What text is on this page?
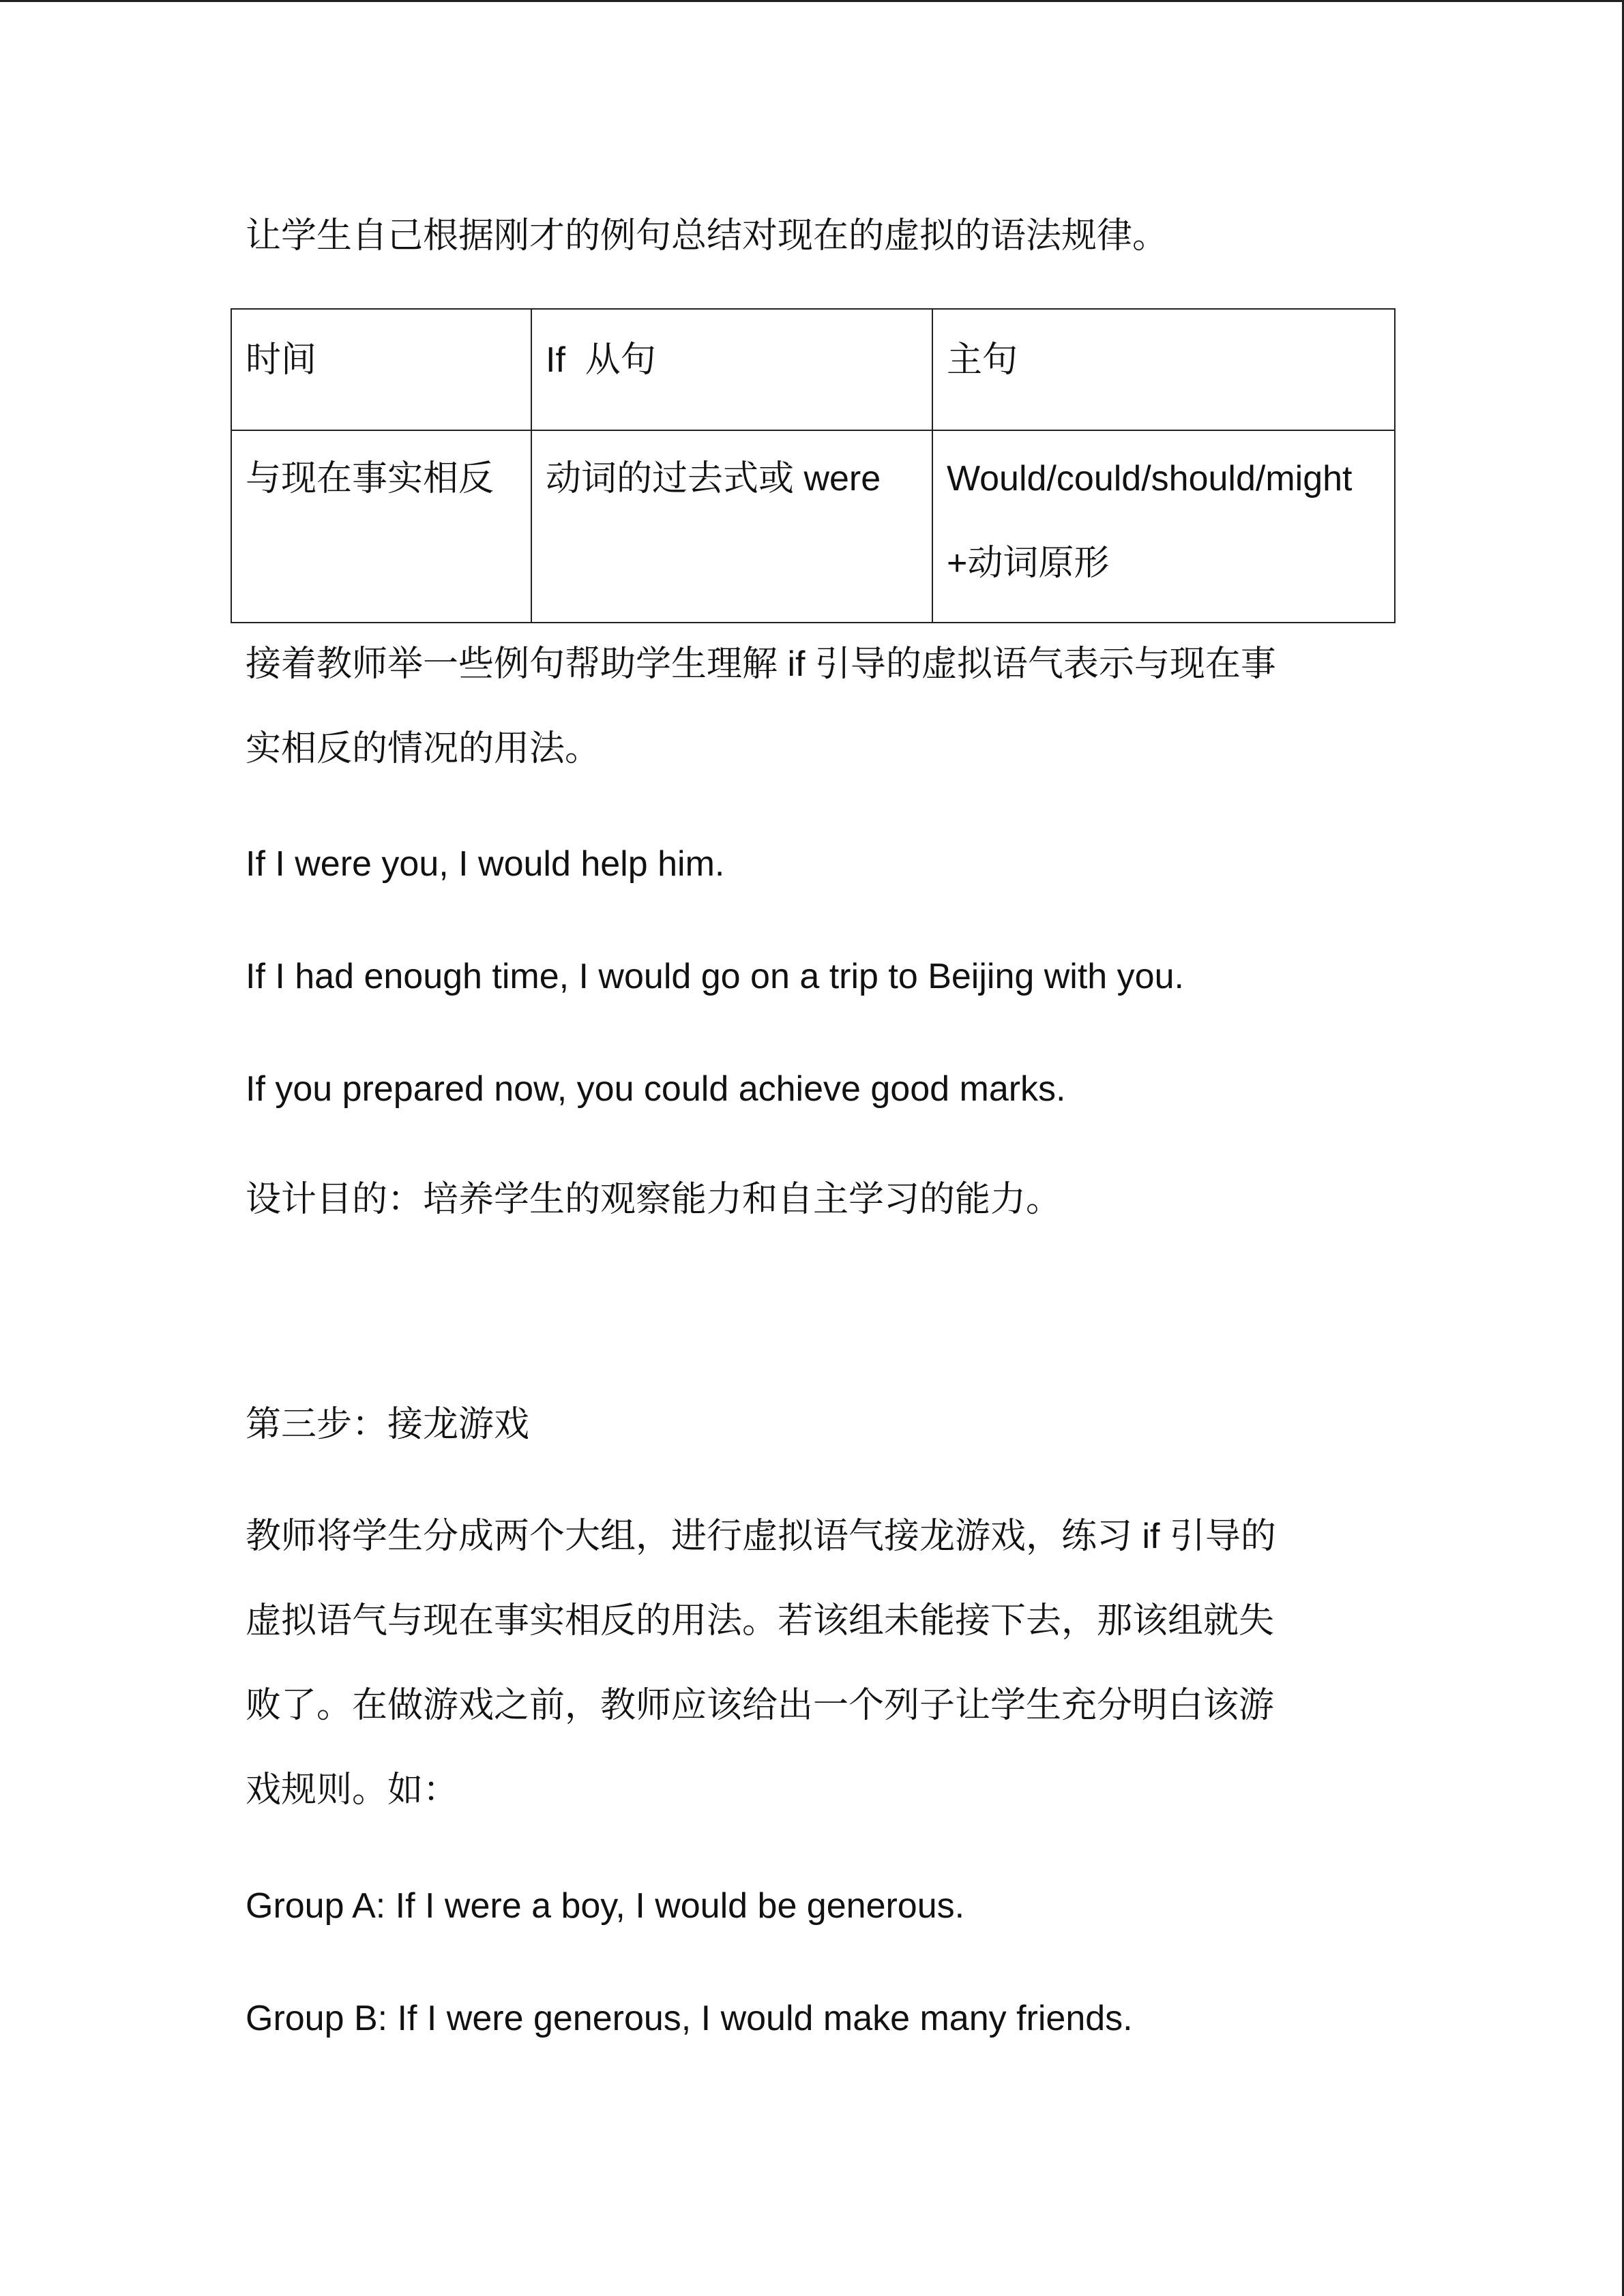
让学生自己根据刚才的例句总结对现在的虚拟的语法规律。
时间	If  从句	主句
与现在事实相反	动词的过去式或 were	Would/could/should/might
+动词原形
接着教师举一些例句帮助学生理解 if 引导的虚拟语气表示与现在事
实相反的情况的用法。
If I were you, I would help him.
If I had enough time, I would go on a trip to Beijing with you.
If you prepared now, you could achieve good marks.
设计目的：培养学生的观察能力和自主学习的能力。
第三步：接龙游戏
教师将学生分成两个大组，进行虚拟语气接龙游戏，练习 if 引导的
虚拟语气与现在事实相反的用法。若该组未能接下去，那该组就失
败了。在做游戏之前，教师应该给出一个列子让学生充分明白该游
戏规则。如：
Group A: If I were a boy, I would be generous.
Group B: If I were generous, I would make many friends.
